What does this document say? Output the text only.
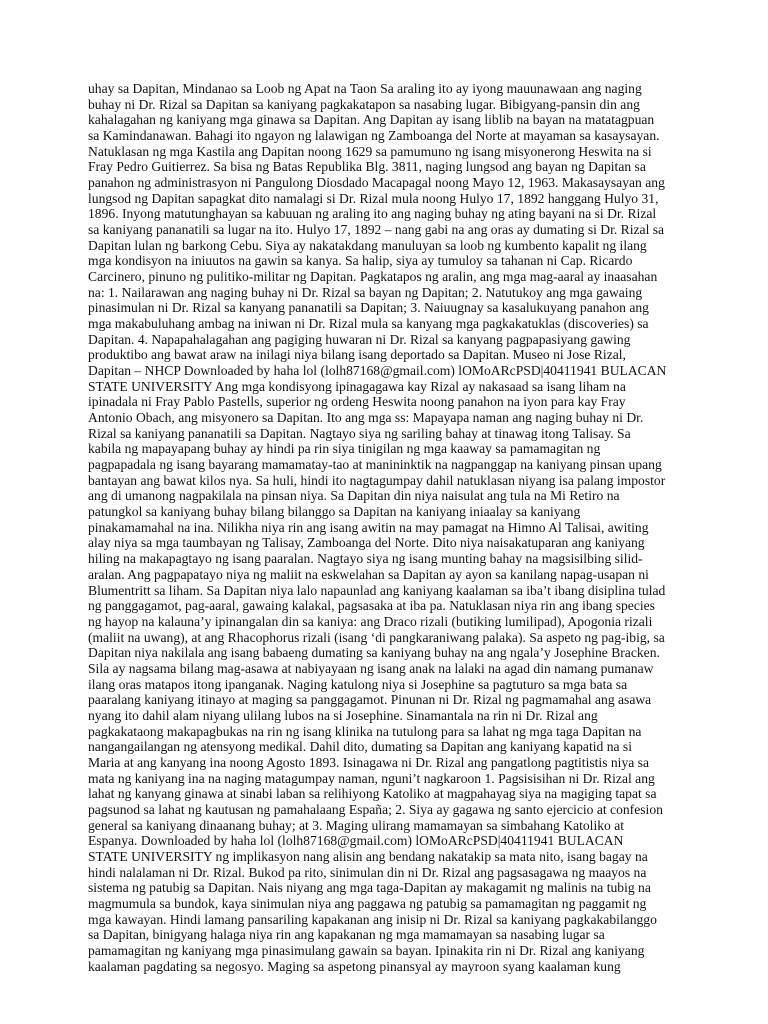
uhay sa Dapitan, Mindanao sa Loob ng Apat na Taon Sa araling ito ay iyong mauunawaan ang naging
buhay ni Dr. Rizal sa Dapitan sa kaniyang pagkakatapon sa nasabing lugar. Bibigyang-pansin din ang
kahalagahan ng kaniyang mga ginawa sa Dapitan. Ang Dapitan ay isang liblib na bayan na matatagpuan
sa Kamindanawan. Bahagi ito ngayon ng lalawigan ng Zamboanga del Norte at mayaman sa kasaysayan.
Natuklasan ng mga Kastila ang Dapitan noong 1629 sa pamumuno ng isang misyonerong Heswita na si
Fray Pedro Guitierrez. Sa bisa ng Batas Republika Blg. 3811, naging lungsod ang bayan ng Dapitan sa
panahon ng administrasyon ni Pangulong Diosdado Macapagal noong Mayo 12, 1963. Makasaysayan ang
lungsod ng Dapitan sapagkat dito namalagi si Dr. Rizal mula noong Hulyo 17, 1892 hanggang Hulyo 31,
1896. Inyong matutunghayan sa kabuuan ng araling ito ang naging buhay ng ating bayani na si Dr. Rizal
sa kaniyang pananatili sa lugar na ito. Hulyo 17, 1892 – nang gabi na ang oras ay dumating si Dr. Rizal sa
Dapitan lulan ng barkong Cebu. Siya ay nakatakdang manuluyan sa loob ng kumbento kapalit ng ilang
mga kondisyon na iniuutos na gawin sa kanya. Sa halip, siya ay tumuloy sa tahanan ni Cap. Ricardo
Carcinero, pinuno ng pulitiko-militar ng Dapitan. Pagkatapos ng aralin, ang mga mag-aaral ay inaasahan
na: 1. Nailarawan ang naging buhay ni Dr. Rizal sa bayan ng Dapitan; 2. Natutukoy ang mga gawaing
pinasimulan ni Dr. Rizal sa kanyang pananatili sa Dapitan; 3. Naiuugnay sa kasalukuyang panahon ang
mga makabuluhang ambag na iniwan ni Dr. Rizal mula sa kanyang mga pagkakatuklas (discoveries) sa
Dapitan. 4. Napapahalagahan ang pagiging huwaran ni Dr. Rizal sa kanyang pagpapasiyang gawing
produktibo ang bawat araw na inilagi niya bilang isang deportado sa Dapitan. Museo ni Jose Rizal,
Dapitan – NHCP Downloaded by haha lol (lolh87168@gmail.com) lOMoARcPSD|40411941 BULACAN
STATE UNIVERSITY Ang mga kondisyong ipinagagawa kay Rizal ay nakasaad sa isang liham na
ipinadala ni Fray Pablo Pastells, superior ng ordeng Heswita noong panahon na iyon para kay Fray
Antonio Obach, ang misyonero sa Dapitan. Ito ang mga ss: Mapayapa naman ang naging buhay ni Dr.
Rizal sa kaniyang pananatili sa Dapitan. Nagtayo siya ng sariling bahay at tinawag itong Talisay. Sa
kabila ng mapayapang buhay ay hindi pa rin siya tinigilan ng mga kaaway sa pamamagitan ng
pagpapadala ng isang bayarang mamamatay-tao at manininktik na nagpanggap na kaniyang pinsan upang
bantayan ang bawat kilos nya. Sa huli, hindi ito nagtagumpay dahil natuklasan niyang isa palang impostor
ang di umanong nagpakilala na pinsan niya. Sa Dapitan din niya naisulat ang tula na Mi Retiro na
patungkol sa kaniyang buhay bilang bilanggo sa Dapitan na kaniyang iniaalay sa kaniyang
pinakamamahal na ina. Nilikha niya rin ang isang awitin na may pamagat na Himno Al Talisai, awiting
alay niya sa mga taumbayan ng Talisay, Zamboanga del Norte. Dito niya naisakatuparan ang kaniyang
hiling na makapagtayo ng isang paaralan. Nagtayo siya ng isang munting bahay na magsisilbing silid-
aralan. Ang pagpapatayo niya ng maliit na eskwelahan sa Dapitan ay ayon sa kanilang napag-usapan ni
Blumentritt sa liham. Sa Dapitan niya lalo napaunlad ang kaniyang kaalaman sa iba’t ibang disiplina tulad
ng panggagamot, pag-aaral, gawaing kalakal, pagsasaka at iba pa. Natuklasan niya rin ang ibang species
ng hayop na kalauna’y ipinangalan din sa kaniya: ang Draco rizali (butiking lumilipad), Apogonia rizali
(maliit na uwang), at ang Rhacophorus rizali (isang ‘di pangkaraniwang palaka). Sa aspeto ng pag-ibig, sa
Dapitan niya nakilala ang isang babaeng dumating sa kaniyang buhay na ang ngala’y Josephine Bracken.
Sila ay nagsama bilang mag-asawa at nabiyayaan ng isang anak na lalaki na agad din namang pumanaw
ilang oras matapos itong ipanganak. Naging katulong niya si Josephine sa pagtuturo sa mga bata sa
paaralang kaniyang itinayo at maging sa panggagamot. Pinunan ni Dr. Rizal ng pagmamahal ang asawa
nyang ito dahil alam niyang ulilang lubos na si Josephine. Sinamantala na rin ni Dr. Rizal ang
pagkakataong makapagbukas na rin ng isang klinika na tutulong para sa lahat ng mga taga Dapitan na
nangangailangan ng atensyong medikal. Dahil dito, dumating sa Dapitan ang kaniyang kapatid na si
Maria at ang kanyang ina noong Agosto 1893. Isinagawa ni Dr. Rizal ang pangatlong pagtitistis niya sa
mata ng kaniyang ina na naging matagumpay naman, nguni’t nagkaroon 1. Pagsisisihan ni Dr. Rizal ang
lahat ng kanyang ginawa at sinabi laban sa relihiyong Katoliko at magpahayag siya na magiging tapat sa
pagsunod sa lahat ng kautusan ng pamahalaang España; 2. Siya ay gagawa ng santo ejercicio at confesion
general sa kaniyang dinaanang buhay; at 3. Maging ulirang mamamayan sa simbahang Katoliko at
Espanya. Downloaded by haha lol (lolh87168@gmail.com) lOMoARcPSD|40411941 BULACAN
STATE UNIVERSITY ng implikasyon nang alisin ang bendang nakatakip sa mata nito, isang bagay na
hindi nalalaman ni Dr. Rizal. Bukod pa rito, sinimulan din ni Dr. Rizal ang pagsasagawa ng maayos na
sistema ng patubig sa Dapitan. Nais niyang ang mga taga-Dapitan ay makagamit ng malinis na tubig na
magmumula sa bundok, kaya sinimulan niya ang paggawa ng patubig sa pamamagitan ng paggamit ng
mga kawayan. Hindi lamang pansariling kapakanan ang inisip ni Dr. Rizal sa kaniyang pagkakabilanggo
sa Dapitan, binigyang halaga niya rin ang kapakanan ng mga mamamayan sa nasabing lugar sa
pamamagitan ng kaniyang mga pinasimulang gawain sa bayan. Ipinakita rin ni Dr. Rizal ang kaniyang
kaalaman pagdating sa negosyo. Maging sa aspetong pinansyal ay mayroon syang kaalaman kung
